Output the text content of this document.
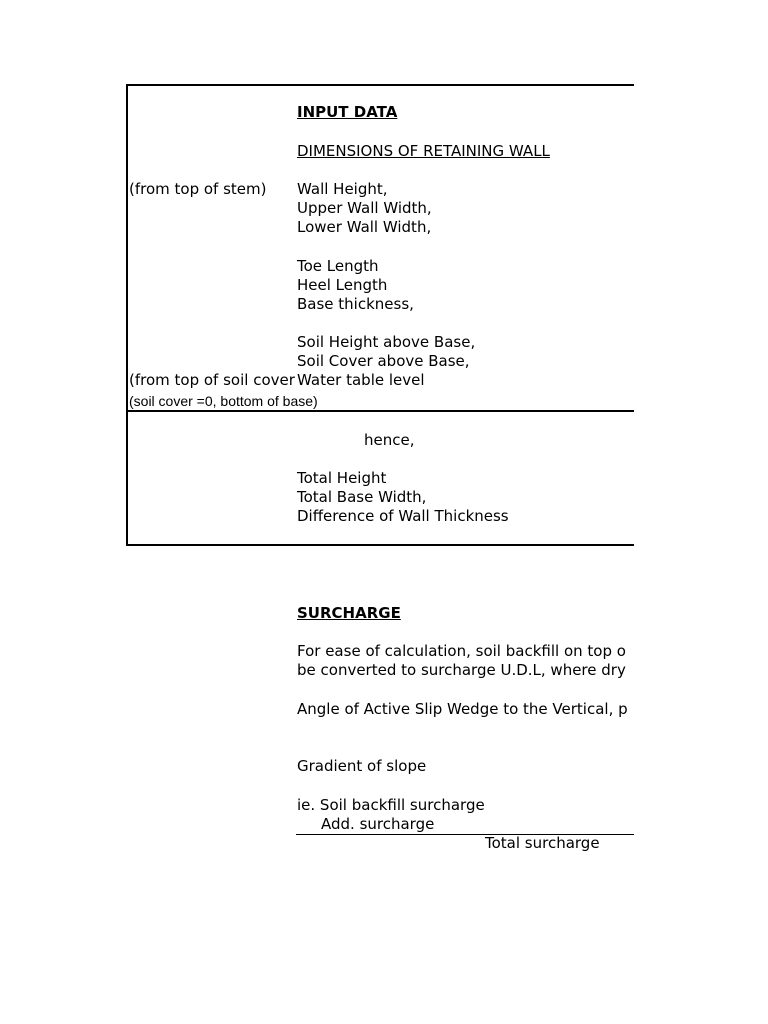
INPUT DATA
DIMENSIONS OF RETAINING WALL
(from top of stem) Wall Height,
Upper Wall Width,
Lower Wall Width,
Toe Length
Heel Length
Base thickness,
Soil Height above Base,
Soil Cover above Base,
(from top of soil cover Water table level
(soil cover =0, bottom of base)
hence,
Total Height
Total Base Width,
Difference of Wall Thickness
SURCHARGE
For ease of calculation, soil backfill on top o
be converted to surcharge U.D.L, where dry
Angle of Active Slip Wedge to the Vertical, p
Gradient of slope
ie. Soil backfill surcharge
Add. surcharge
Total surcharge
